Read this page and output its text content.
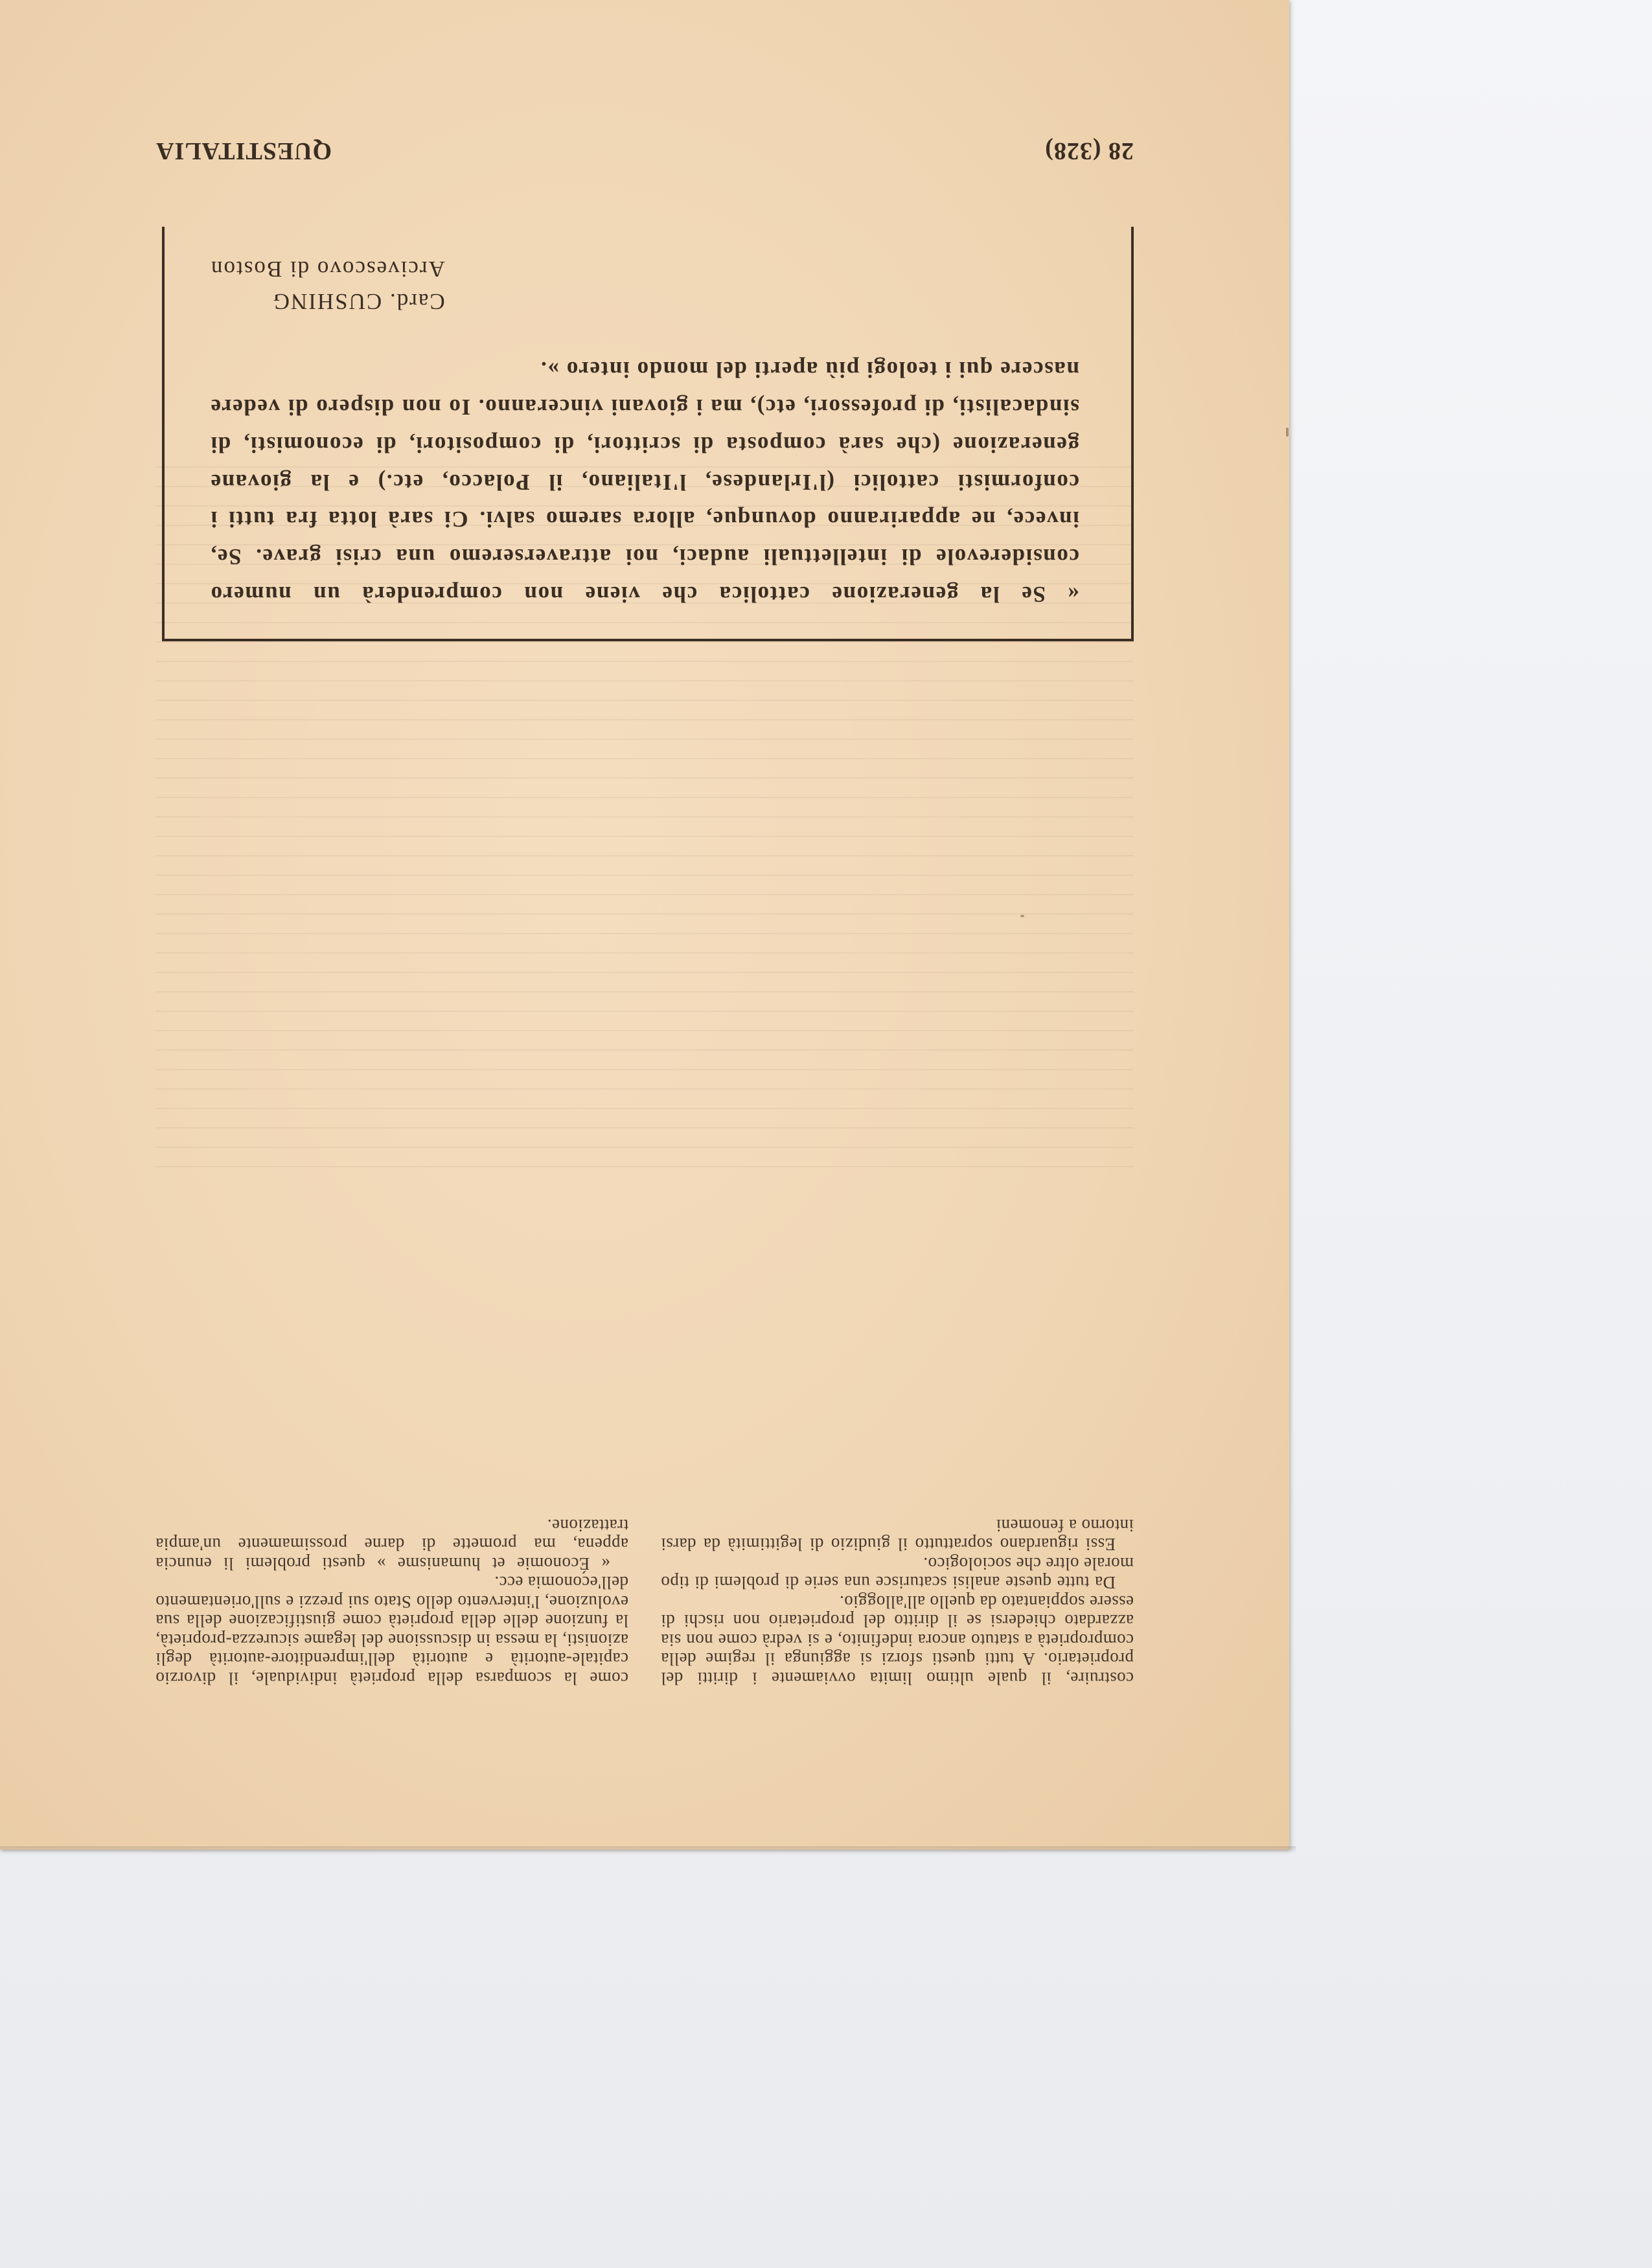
QUESTITALIA	28 (328)

« Se la generazione cattolica che viene non comprenderà un numero considerevole di intellettuali audaci, noi attraverseremo una crisi grave. Se, invece, ne appariranno dovunque, allora saremo salvi. Ci sarà lotta fra tutti i conformisti cattolici (l'Irlandese, l'Italiano, il Polacco, etc.) e la giovane generazione (che sarà composta di scrittori, di compositori, di economisti, di sindacalisti, di professori, etc), ma i giovani vinceranno. Io non dispero di vedere nascere qui i teologi più aperti del mondo intero ».

Card. CUSHING
Arcivescovo di Boston

costruire, il quale ultimo limita ovviamente i diritti del proprietario. A tutti questi sforzi si aggiunga il regime della comproprietà a statuto ancora indefinito, e si vedrà come non sia azzardato chiedersi se il diritto del proprietario non rischi di essere soppiantato da quello all'alloggio.

Da tutte queste analisi scaturisce una serie di problemi di tipo morale oltre che sociologico.

Essi riguardano soprattutto il giudizio di legittimità da darsi intorno a fenomeni

come la scomparsa della proprietà individuale, il divorzio capitale-autorità e autorità dell'imprenditore-autorità degli azionisti, la messa in discussione del legame sicurezza-proprietà, la funzione delle della proprietà come giustificazione della sua evoluzione, l'intervento dello Stato sui prezzi e sull'orientamento dell'economia ecc.

« Économie et humanisme » questi problemi li enuncia appena, ma promette di darne prossimamente un'ampia trattazione.
